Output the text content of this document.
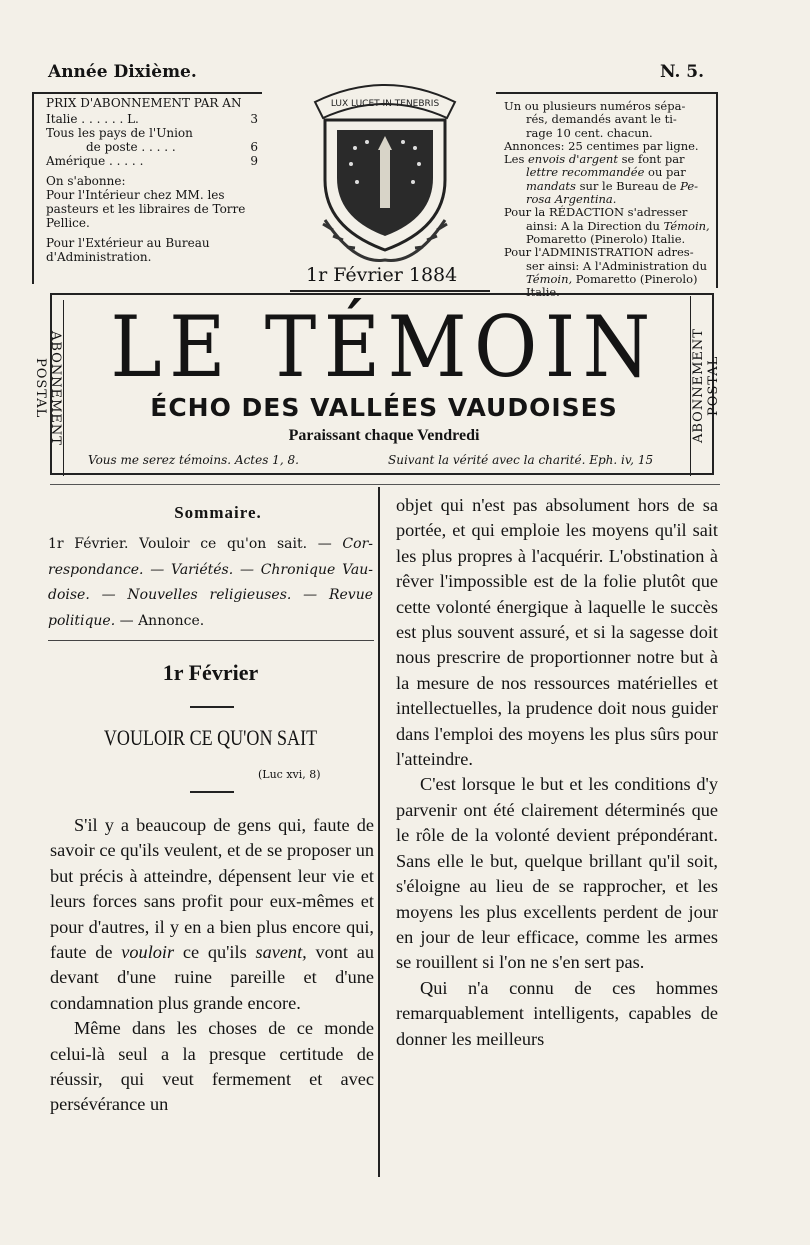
Année Dixième.	N. 5.
PRIX D'ABONNEMENT PAR AN
Italie . . . . . . L.	3
Tous les pays de l'Union
de poste . . . . .	6
Amérique . . . . .	9
On s'abonne:
Pour l'Intérieur chez MM. les pasteurs et les libraires de Torre Pellice.
Pour l'Extérieur au Bureau d'Administration.
LUX LUCET IN TENEBRIS
1r Février 1884

Un ou plusieurs numéros sépa-

rés, demandés avant le ti-

rage 10 cent. chacun.

Annonces: 25 centimes par ligne.

Les envois d'argent se font par

lettre recommandée ou par

mandats sur le Bureau de Pe-

rosa Argentina.

Pour la RÉDACTION s'adresser

ainsi: A la Direction du Témoin,

Pomaretto (Pinerolo) Italie.

Pour l'ADMINISTRATION adres-

ser ainsi: A l'Administration du

Témoin, Pomaretto (Pinerolo)

Italie.

ABONNEMENT POSTAL	ABONNEMENT POSTAL
LE TÉMOIN
ÉCHO DES VALLÉES VAUDOISES
Paraissant chaque Vendredi
Vous me serez témoins. Actes 1, 8.	Suivant la vérité avec la charité. Eph. iv, 15
Sommaire.
1r Février. Vouloir ce qu'on sait. — Cor-respondance. — Variétés. — Chronique Vau-doise. — Nouvelles religieuses. — Revue politique. — Annonce.
1r Février
VOULOIR CE QU'ON SAIT
(Luc xvi, 8)

S'il y a beaucoup de gens qui, faute de savoir ce qu'ils veulent, et de se proposer un but précis à atteindre, dépensent leur vie et leurs forces sans profit pour eux-mêmes et pour d'autres, il y en a bien plus encore qui, faute de vouloir ce qu'ils savent, vont au devant d'une ruine pareille et d'une condamnation plus grande encore.

Même dans les choses de ce monde celui-là seul a la presque certitude de réussir, qui veut fermement et avec persévérance un

objet qui n'est pas absolument hors de sa portée, et qui emploie les moyens qu'il sait les plus propres à l'acquérir. L'obstination à rêver l'impossible est de la folie plutôt que cette volonté énergique à laquelle le succès est plus souvent assuré, et si la sagesse doit nous prescrire de proportionner notre but à la mesure de nos ressources matérielles et intellectuelles, la prudence doit nous guider dans l'emploi des moyens les plus sûrs pour l'atteindre.

C'est lorsque le but et les conditions d'y parvenir ont été clairement déterminés que le rôle de la volonté devient prépondérant. Sans elle le but, quelque brillant qu'il soit, s'éloigne au lieu de se rapprocher, et les moyens les plus excellents perdent de jour en jour de leur efficace, comme les armes se rouillent si l'on ne s'en sert pas.

Qui n'a connu de ces hommes remarquablement intelligents, capables de donner les meilleurs
